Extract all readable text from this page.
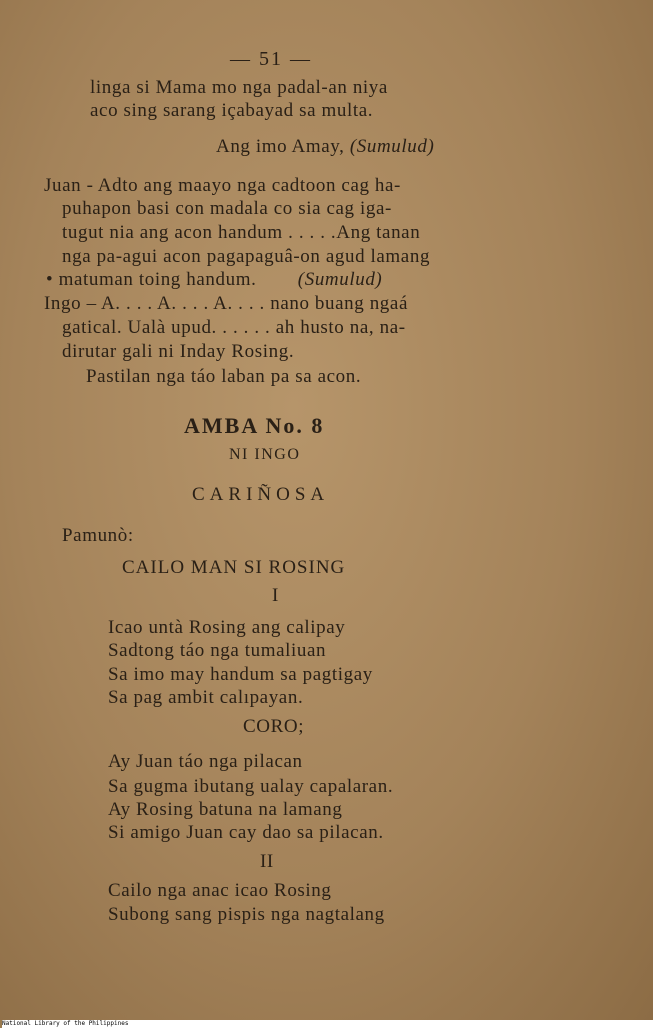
— 51 —
linga si Mama mo nga padal-an niya
aco sing sarang içabayad sa multa.
Ang imo Amay, (Sumulud)
Juan - Adto ang maayo nga cadtoon cag ha-
puhapon basi con madala co sia cag iga-
tugut nia ang acon handum . . . . .Ang tanan
nga pa-agui acon pagapaguâ-on agud lamang
• matuman toing handum. (Sumulud)
Ingo – A. . . . A. . . . A. . . . nano buang ngaá
gatical. Ualà upud. . . . . . ah husto na, na-
dirutar gali ni Inday Rosing.
Pastilan nga táo laban pa sa acon.
AMBA No. 8
NI INGO
CARIÑOSA
Pamunò:
CAILO MAN SI ROSING
I
Icao untà Rosing ang calipay
Sadtong táo nga tumaliuan
Sa imo may handum sa pagtigay
Sa pag ambit calıpayan.
CORO;
Ay Juan táo nga pilacan
Sa gugma ibutang ualay capalaran.
Ay Rosing batuna na lamang
Si amigo Juan cay dao sa pilacan.
II
Cailo nga anac icao Rosing
Subong sang pispis nga nagtalang
National Library of the Philippines
